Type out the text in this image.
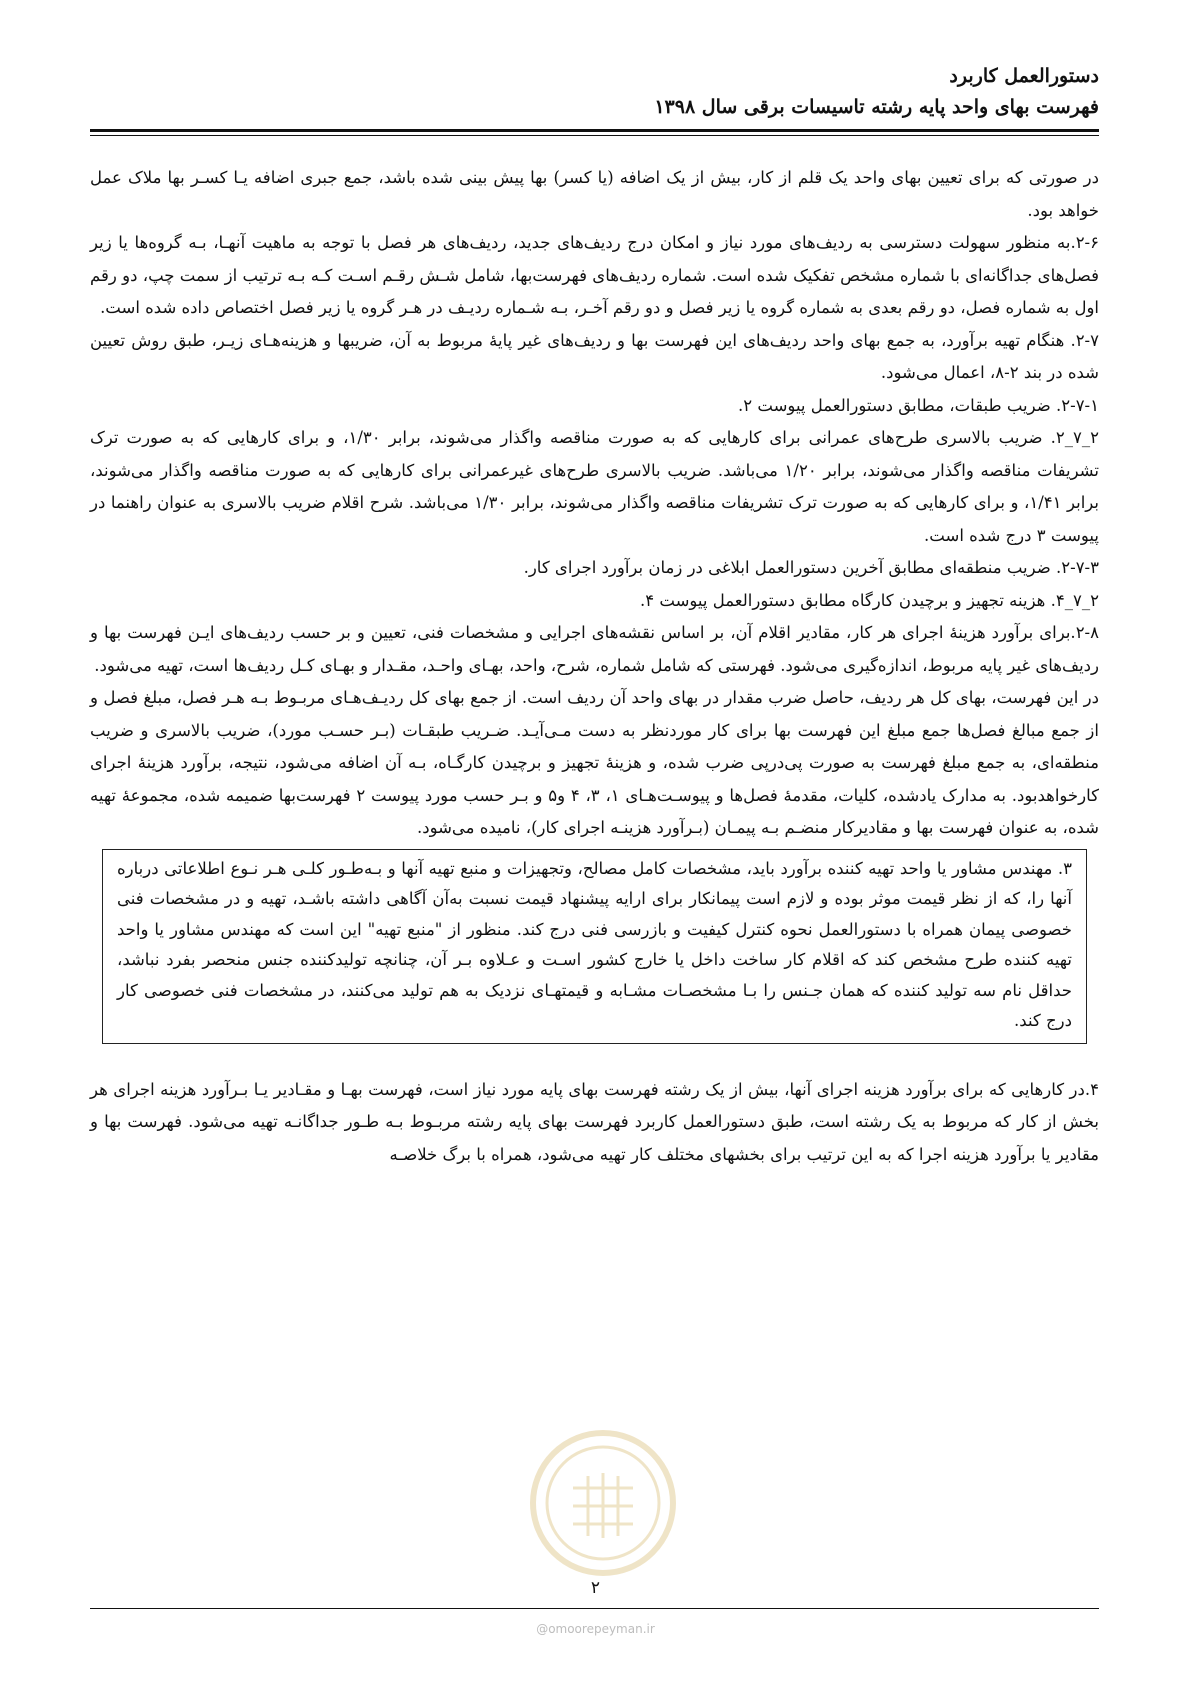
دستورالعمل کاربرد
فهرست بهای واحد پایه رشته تاسیسات برقی سال ۱۳۹۸

در صورتی که برای تعیین بهای واحد یک قلم از کار، بیش از یک اضافه (یا کسر) بها پیش بینی شده باشد، جمع جبری اضافه یـا کسـر بها ملاک عمل خواهد بود.

۲-۶.به منظور سهولت دسترسی به ردیف‌های مورد نیاز و امکان درج ردیف‌های جدید، ردیف‌های هر فصل با توجه به ماهیت آنهـا، بـه گروه‌ها یا زیر فصل‌های جداگانه‌ای با شماره مشخص تفکیک شده است. شماره ردیف‌های فهرست‌بها، شامل شـش رقـم اسـت کـه بـه ترتیب از سمت چپ، دو رقم اول به شماره فصل، دو رقم بعدی به شماره گروه یا زیر فصل و دو رقم آخـر، بـه شـماره ردیـف در هـر گروه یا زیر فصل اختصاص داده شده است.

۲-۷. هنگام تهیه برآورد، به جمع بهای واحد ردیف‌های این فهرست بها و ردیف‌های غیر پایهٔ مربوط به آن، ضریبها و هزینه‌هـای زیـر، طبق روش تعیین شده در بند ۲-۸، اعمال می‌شود.

۲-۷-۱. ضریب طبقات، مطابق دستورالعمل پیوست ۲.

۲_۷_۲. ضریب بالاسری طرح‌های عمرانی برای کارهایی که به صورت مناقصه واگذار می‌شوند، برابر ۱/۳۰، و برای کارهایی که به صورت ترک تشریفات مناقصه واگذار می‌شوند، برابر ۱/۲۰ می‌باشد. ضریب بالاسری طرح‌های غیرعمرانی برای کارهایی که به صورت مناقصه واگذار می‌شوند، برابر ۱/۴۱، و برای کارهایی که به صورت ترک تشریفات مناقصه واگذار می‌شوند، برابر ۱/۳۰ می‌باشد. شرح اقلام ضریب بالاسری به عنوان راهنما در پیوست ۳ درج شده است.

۲-۷-۳. ضریب منطقه‌ای مطابق آخرین دستورالعمل ابلاغی در زمان برآورد اجرای کار.

۲_۷_۴. هزینه تجهیز و برچیدن کارگاه مطابق دستورالعمل پیوست ۴.

۲-۸.برای برآورد هزینهٔ اجرای هر کار، مقادیر اقلام آن، بر اساس نقشه‌های اجرایی و مشخصات فنی، تعیین و بر حسب ردیف‌های ایـن فهرست بها و ردیف‌های غیر پایه مربوط، اندازه‌گیری می‌شود. فهرستی که شامل شماره، شرح، واحد، بهـای واحـد، مقـدار و بهـای کـل ردیف‌ها است، تهیه می‌شود.

در این فهرست، بهای کل هر ردیف، حاصل ضرب مقدار در بهای واحد آن ردیف است. از جمع بهای کل ردیـف‌هـای مربـوط بـه هـر فصل، مبلغ فصل و از جمع مبالغ فصل‌ها جمع مبلغ این فهرست بها برای کار موردنظر به دست مـی‌آیـد. ضـریب طبقـات (بـر حسـب مورد)، ضریب بالاسری و ضریب منطقه‌ای، به جمع مبلغ فهرست به صورت پی‌درپی ضرب شده، و هزینهٔ تجهیز و برچیدن کارگـاه، بـه آن اضافه می‌شود، نتیجه، برآورد هزینهٔ اجرای کارخواهدبود. به مدارک یادشده، کلیات، مقدمهٔ فصل‌ها و پیوسـت‌هـای ۱، ۳، ۴ و۵ و بـر حسب مورد پیوست ۲ فهرست‌بها ضمیمه شده، مجموعهٔ تهیه شده، به عنوان فهرست بها و مقادیرکار منضـم بـه پیمـان (بـرآورد هزینـه اجرای کار)، نامیده می‌شود.

۳. مهندس مشاور یا واحد تهیه کننده برآورد باید، مشخصات کامل مصالح، وتجهیزات و منبع تهیه آنها و بـه‌طـور کلـی هـر نـوع اطلاعاتی درباره آنها را، که از نظر قیمت موثر بوده و لازم است پیمانکار برای ارایه پیشنهاد قیمت نسبت به‌آن آگاهی داشته باشـد، تهیه و در مشخصات فنی خصوصی پیمان همراه با دستورالعمل نحوه کنترل کیفیت و بازرسی فنی درج کند. منظور از "منبع تهیه" این است که مهندس مشاور یا واحد تهیه کننده طرح مشخص کند که اقلام کار ساخت داخل یا خارج کشور اسـت و عـلاوه بـر آن، چنانچه تولیدکننده جنس منحصر بفرد نباشد، حداقل نام سه تولید کننده که همان جـنس را بـا مشخصـات مشـابه و قیمتهـای نزدیک به هم تولید می‌کنند، در مشخصات فنی خصوصی کار درج کند.

۴.در کارهایی که برای برآورد هزینه اجرای آنها، بیش از یک رشته فهرست بهای پایه مورد نیاز است، فهرست بهـا و مقـادیر یـا بـرآورد هزینه اجرای هر بخش از کار که مربوط به یک رشته است، طبق دستورالعمل کاربرد فهرست بهای پایه رشته مربـوط بـه طـور جداگانـه تهیه می‌شود. فهرست بها و مقادیر یا برآورد هزینه اجرا که به این ترتیب برای بخشهای مختلف کار تهیه می‌شود، همراه با برگ خلاصـه

۲
@omoorepeyman.ir
